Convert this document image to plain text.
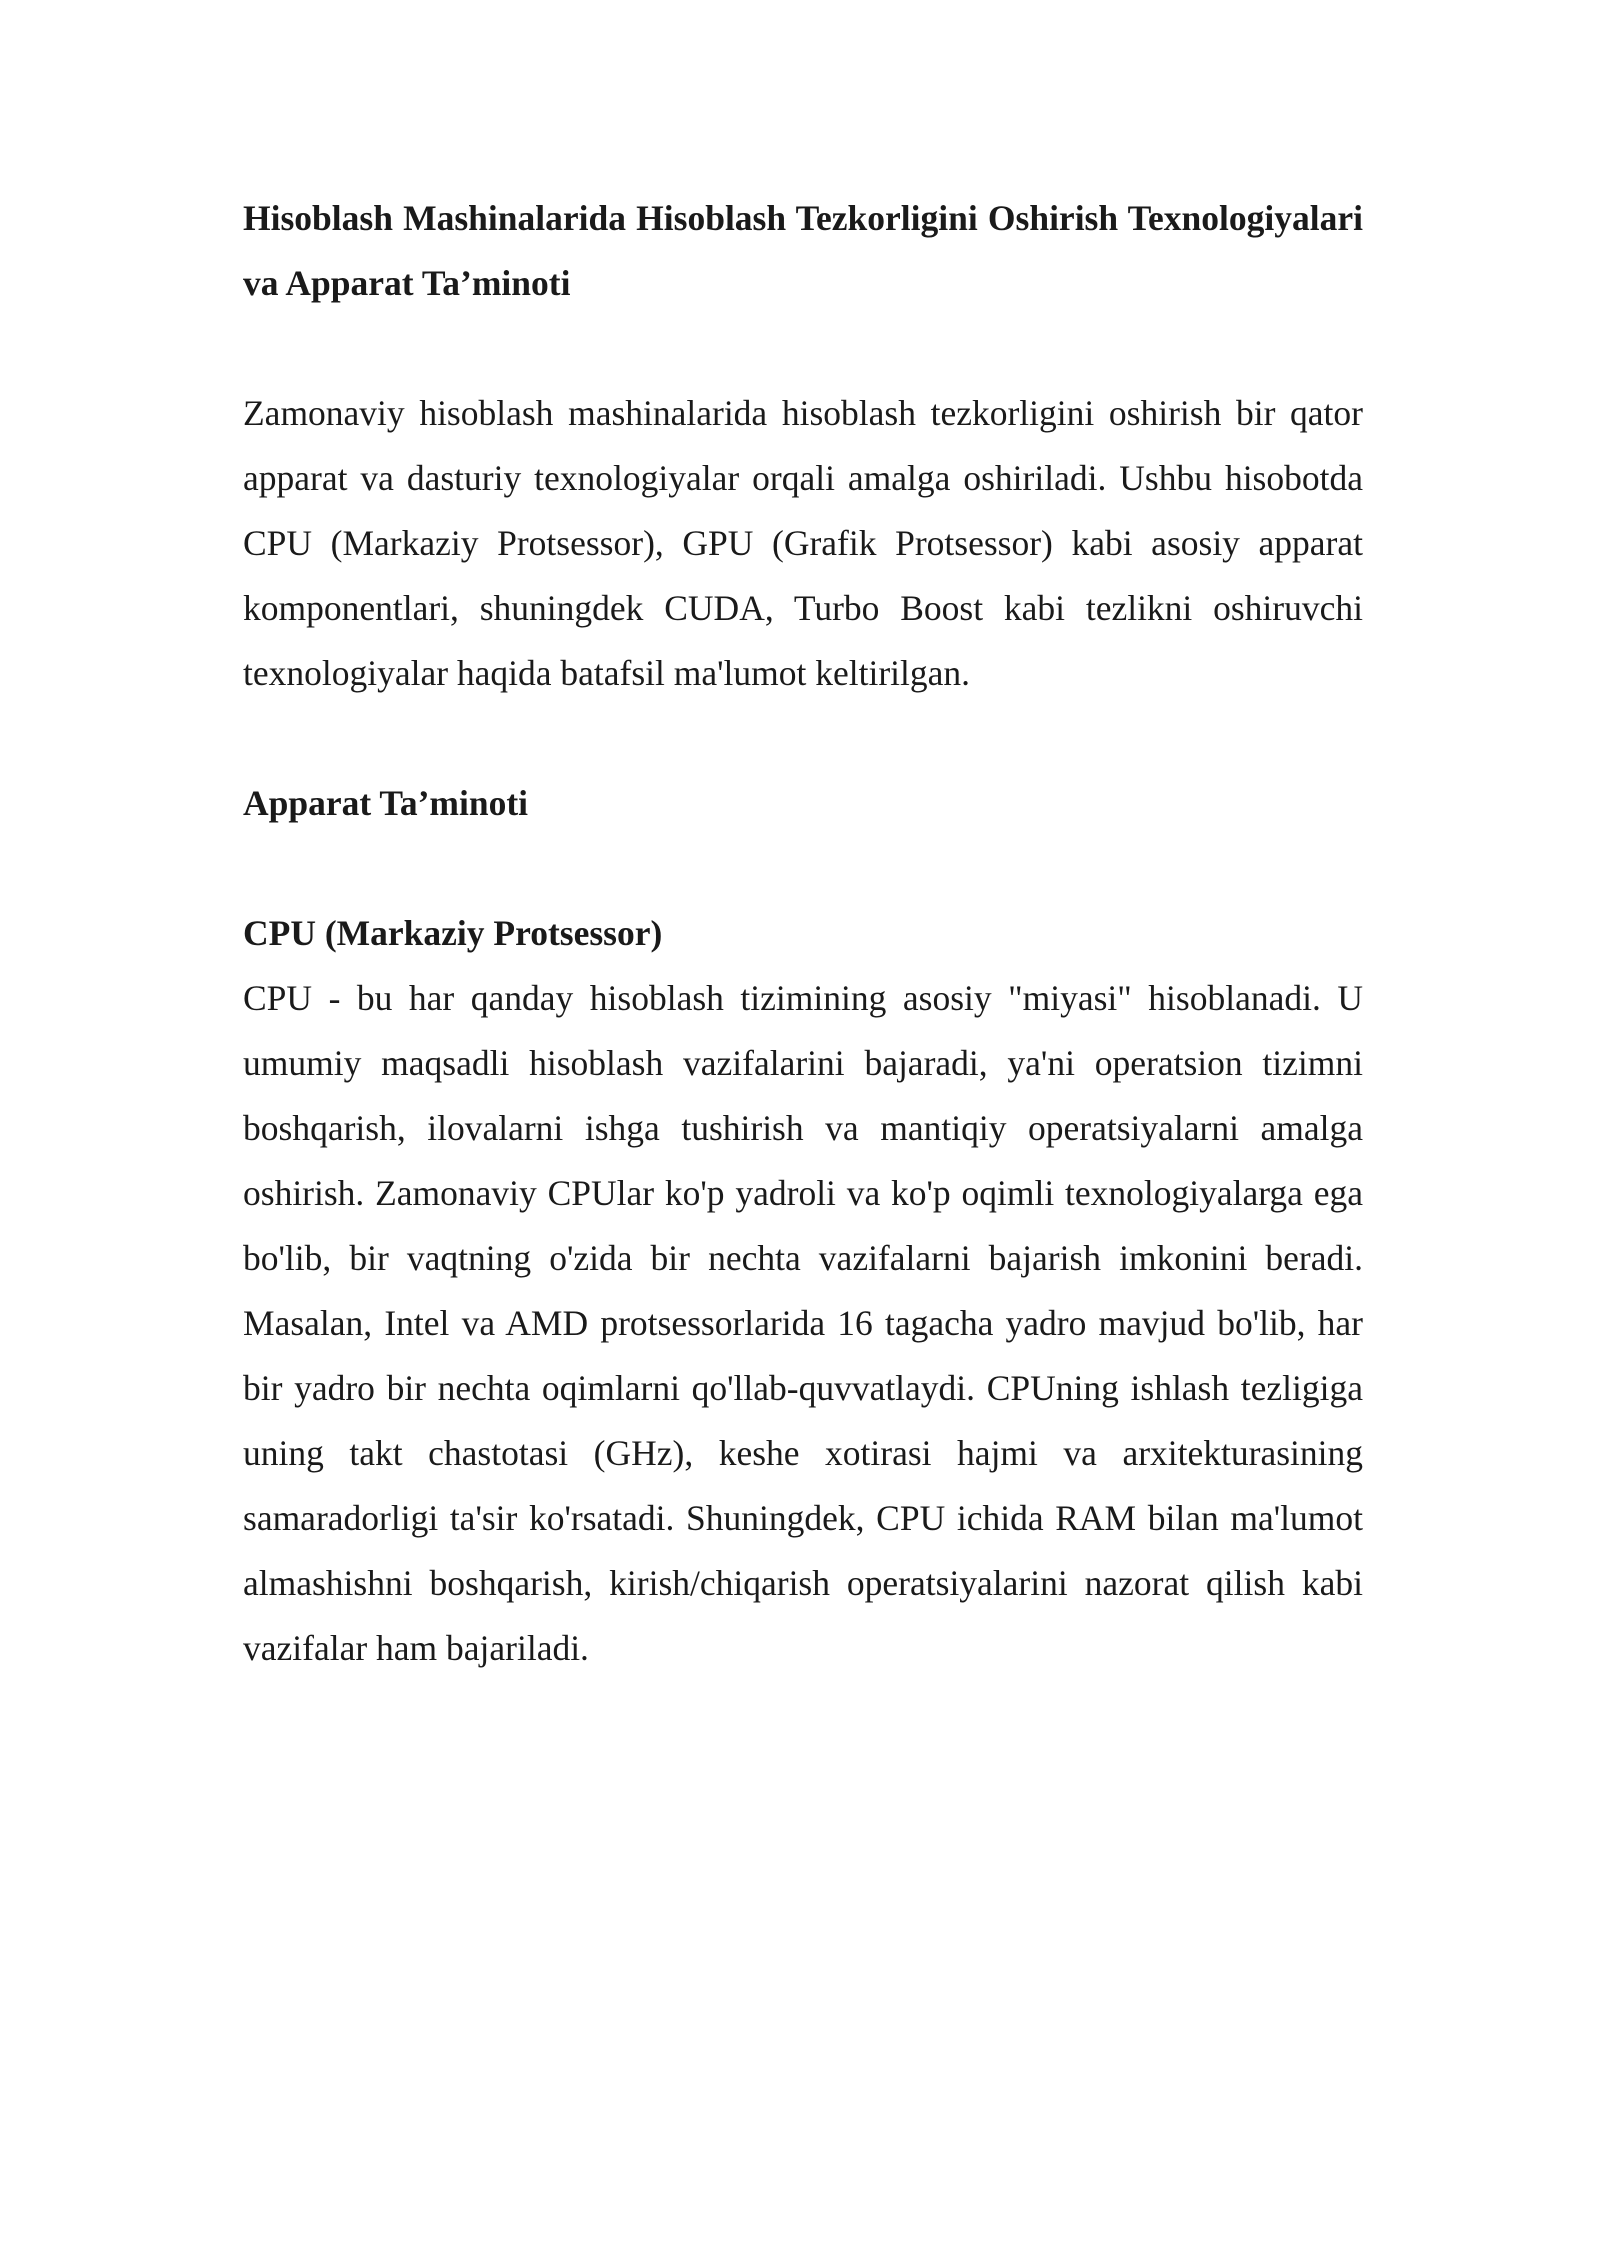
Hisoblash Mashinalarida Hisoblash Tezkorligini Oshirish Texnologiyalari va Apparat Ta’minoti

Zamonaviy hisoblash mashinalarida hisoblash tezkorligini oshirish bir qator apparat va dasturiy texnologiyalar orqali amalga oshiriladi. Ushbu hisobotda CPU (Markaziy Protsessor), GPU (Grafik Protsessor) kabi asosiy apparat komponentlari, shuningdek CUDA, Turbo Boost kabi tezlikni oshiruvchi texnologiyalar haqida batafsil ma'lumot keltirilgan.

Apparat Ta’minoti

CPU (Markaziy Protsessor)

CPU - bu har qanday hisoblash tizimining asosiy "miyasi" hisoblanadi. U umumiy maqsadli hisoblash vazifalarini bajaradi, ya'ni operatsion tizimni boshqarish, ilovalarni ishga tushirish va mantiqiy operatsiyalarni amalga oshirish. Zamonaviy CPUlar ko'p yadroli va ko'p oqimli texnologiyalarga ega bo'lib, bir vaqtning o'zida bir nechta vazifalarni bajarish imkonini beradi. Masalan, Intel va AMD protsessorlarida 16 tagacha yadro mavjud bo'lib, har bir yadro bir nechta oqimlarni qo'llab-quvvatlaydi. CPUning ishlash tezligiga uning takt chastotasi (GHz), keshe xotirasi hajmi va arxitekturasining samaradorligi ta'sir ko'rsatadi. Shuningdek, CPU ichida RAM bilan ma'lumot almashishni boshqarish, kirish/chiqarish operatsiyalarini nazorat qilish kabi vazifalar ham bajariladi.
